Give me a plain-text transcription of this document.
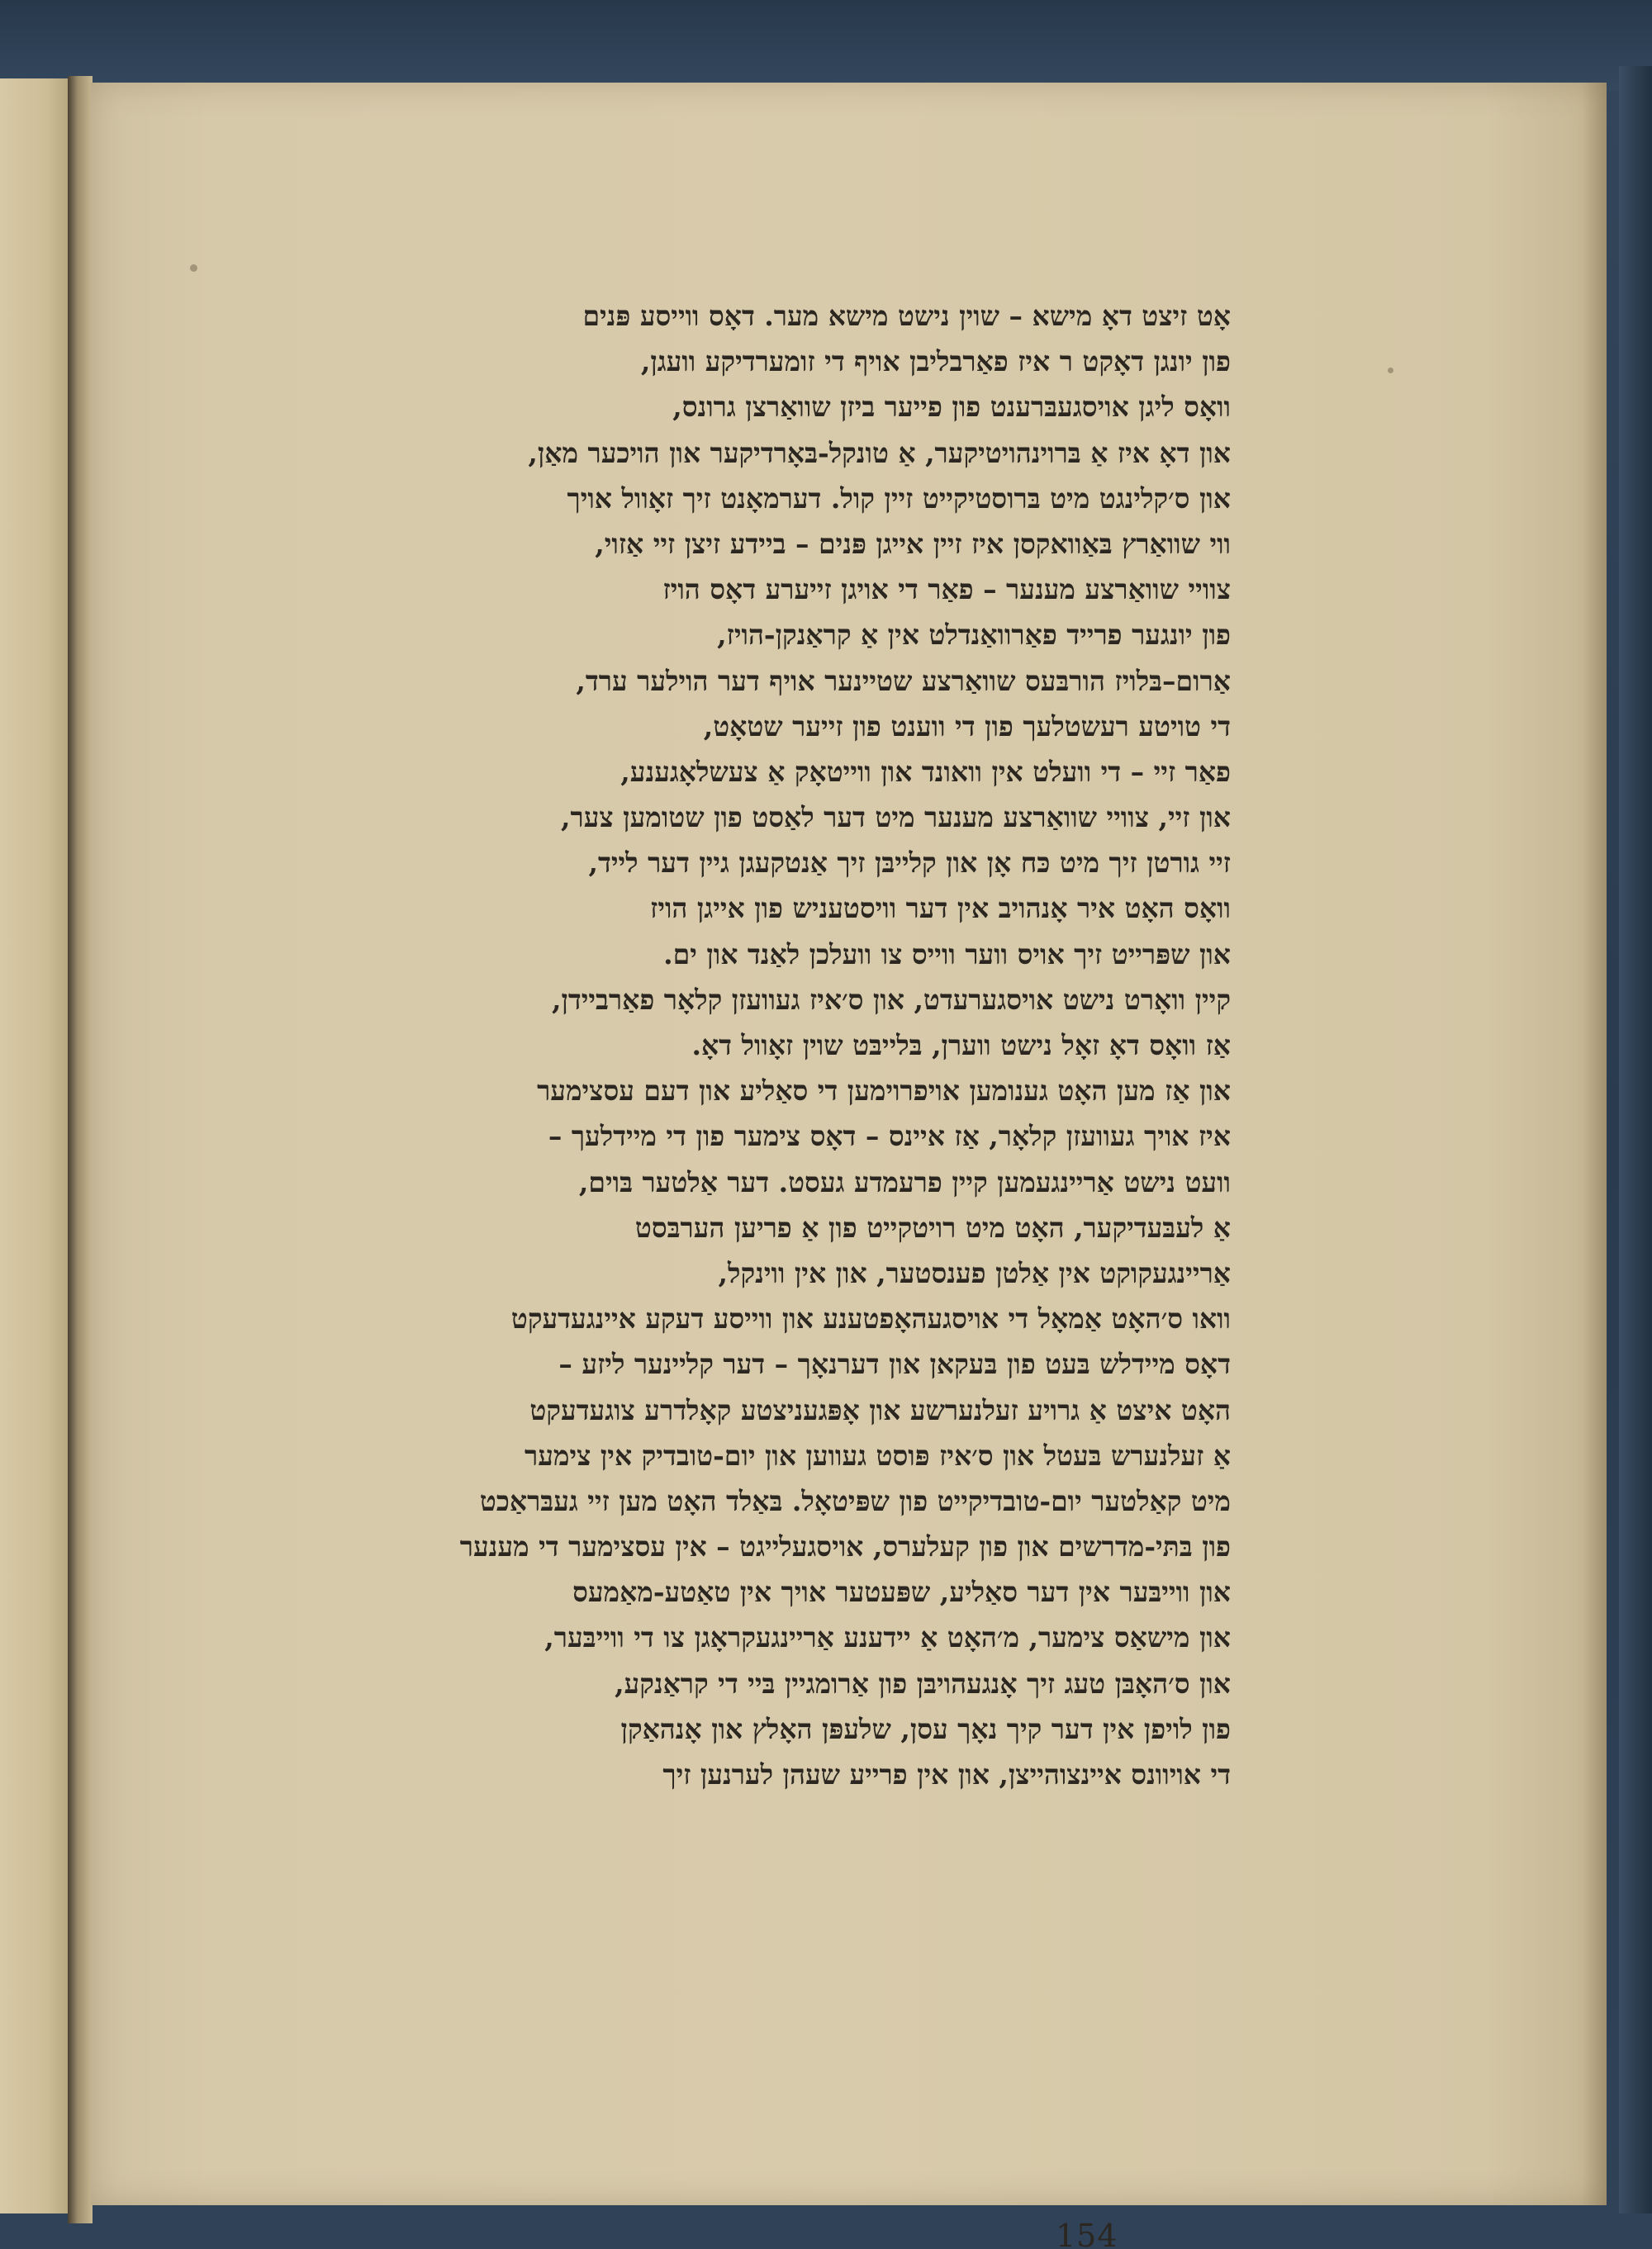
אָט זיצט דאָ מישא – שוין נישט מישא מער. דאָס ווייסע פּנים
פון יונגן דאָקט ר איז פאַרבליבן אויף די זומערדיקע וועגן,
וואָס ליגן אויסגעבּרענט פון פייער ביזן שוואַרצן גרונס,
און דאָ איז אַ בּרוינהויטיקער, אַ טונקל-בּאָרדיקער און הויכער מאַן,
און ס׳קלינגט מיט בּרוסטיקייט זיין קול. דערמאָנט זיך זאָוול אויך
ווי שוואַרץ בּאַוואקסן איז זיין אייגן פּנים – ביידע זיצן זיי אַזוי,
צוויי שוואַרצע מענער – פאַר די אויגן זייערע דאָס הויז
פון יונגער פרייד פאַרוואַנדלט אין אַ קראַנקן-הויז,
אַרום–בּלויז הורבּעס שוואַרצע שטיינער אויף דער הוילער ערד,
די טויטע רעשטלעך פון די ווענט פון זייער שטאָט,
פאַר זיי – די וועלט אין וואונד און ווייטאָק אַ צעשלאָגענע,
און זיי, צוויי שוואַרצע מענער מיט דער לאַסט פון שטומען צער,
זיי גורטן זיך מיט כּח אָן און קלייבּן זיך אַנטקעגן גיין דער לייד,
וואָס האָט איר אָנהויב אין דער וויסטעניש פון אייגן הויז
און שפּרייט זיך אויס ווער ווייס צו וועלכן לאַנד און ים.
קיין וואָרט נישט אויסגערעדט, און ס׳איז געוועזן קלאָר פאַרביידן,
אַז וואָס דאָ זאָל נישט ווערן, בּלייבּט שוין זאָוול דאָ.
און אַז מען האָט גענומען אויפרוימען די סאַליע און דעם עסצימער
איז אויך געוועזן קלאָר, אַז איינס – דאָס צימער פון די מיידלעך –
וועט נישט אַריינגעמען קיין פרעמדע געסט. דער אַלטער בּוים,
אַ לעבּעדיקער, האָט מיט רויטקייט פון אַ פריען הערבּסט
אַריינגעקוקט אין אַלטן פענסטער, און אין ווינקל,
וואו ס׳האָט אַמאָל די אויסגעהאָפטענע און ווייסע דעקע איינגעדעקט
דאָס מיידלש בּעט פון בּעקאן און דערנאָך – דער קליינער ליזע –
האָט איצט אַ גרויע זעלנערשע און אָפּגעניצטע קאָלדרע צוגעדעקט
אַ זעלנערש בּעטל און ס׳איז פּוסט געווען און יום-טובדיק אין צימער
מיט קאַלטער יום-טובדיקייט פון שפּיטאָל. בּאַלד האָט מען זיי געבּראַכט
פון בּתּי-מדרשים און פון קעלערס, אויסגעלייגט – אין עסצימער די מענער
און ווייבּער אין דער סאַליע, שפּעטער אויך אין טאַטע-מאַמעס
און מישאַס צימער, מ׳האָט אַ יידענע אַריינגעקראָגן צו די ווייבּער,
און ס׳האָבּן טעג זיך אָנגעהויבּן פון אַרומגיין בּיי די קראַנקע,
פון לויפן אין דער קיך נאָך עסן, שלעפּן האָלץ און אָנהאַקן
די אויוונס איינצוהייצן, און אין פרייע שעהן לערנען זיך
154
